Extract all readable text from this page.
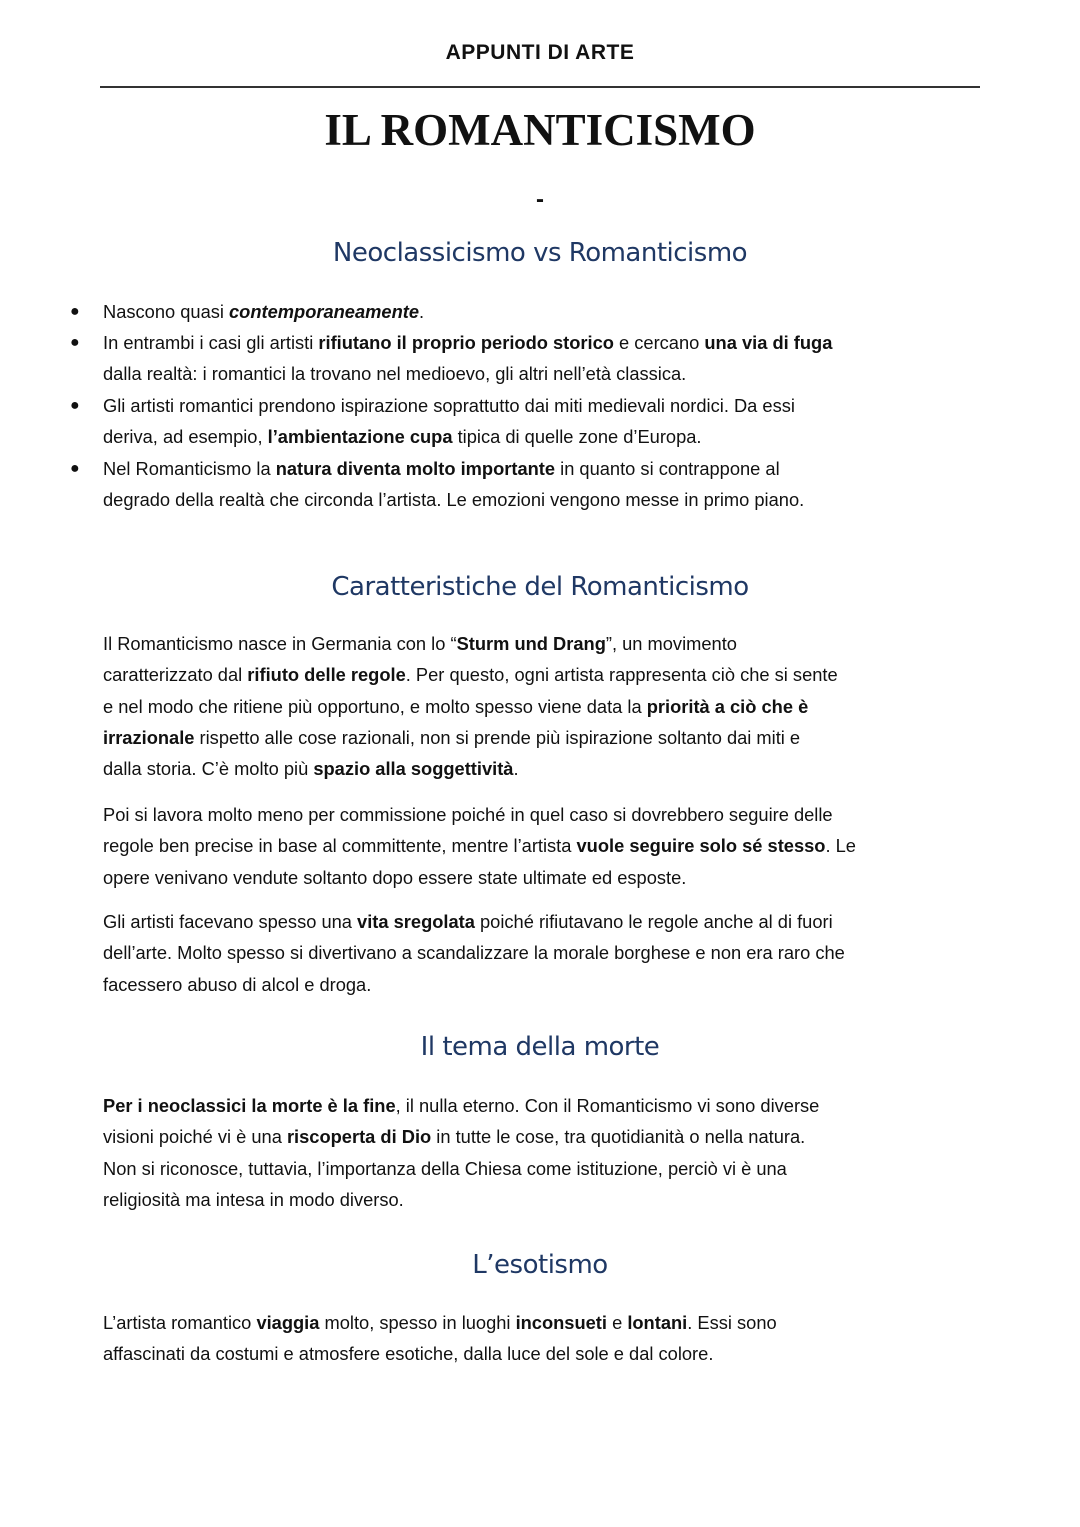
APPUNTI DI ARTE
IL ROMANTICISMO
-
Neoclassicismo vs Romanticismo
● Nascono quasi contemporaneamente.
● In entrambi i casi gli artisti rifiutano il proprio periodo storico e cercano una via di fuga
dalla realtà: i romantici la trovano nel medioevo, gli altri nell’età classica.
● Gli artisti romantici prendono ispirazione soprattutto dai miti medievali nordici. Da essi
deriva, ad esempio, l’ambientazione cupa tipica di quelle zone d’Europa.
● Nel Romanticismo la natura diventa molto importante in quanto si contrappone al
degrado della realtà che circonda l’artista. Le emozioni vengono messe in primo piano.
Caratteristiche del Romanticismo
Il Romanticismo nasce in Germania con lo “Sturm und Drang”, un movimento
caratterizzato dal rifiuto delle regole. Per questo, ogni artista rappresenta ciò che si sente
e nel modo che ritiene più opportuno, e molto spesso viene data la priorità a ciò che è
irrazionale rispetto alle cose razionali, non si prende più ispirazione soltanto dai miti e
dalla storia. C’è molto più spazio alla soggettività.
Poi si lavora molto meno per commissione poiché in quel caso si dovrebbero seguire delle
regole ben precise in base al committente, mentre l’artista vuole seguire solo sé stesso. Le
opere venivano vendute soltanto dopo essere state ultimate ed esposte.
Gli artisti facevano spesso una vita sregolata poiché rifiutavano le regole anche al di fuori
dell’arte. Molto spesso si divertivano a scandalizzare la morale borghese e non era raro che
facessero abuso di alcol e droga.
Il tema della morte
Per i neoclassici la morte è la fine, il nulla eterno. Con il Romanticismo vi sono diverse
visioni poiché vi è una riscoperta di Dio in tutte le cose, tra quotidianità o nella natura.
Non si riconosce, tuttavia, l’importanza della Chiesa come istituzione, perciò vi è una
religiosità ma intesa in modo diverso.
L’esotismo
L’artista romantico viaggia molto, spesso in luoghi inconsueti e lontani. Essi sono
affascinati da costumi e atmosfere esotiche, dalla luce del sole e dal colore.
